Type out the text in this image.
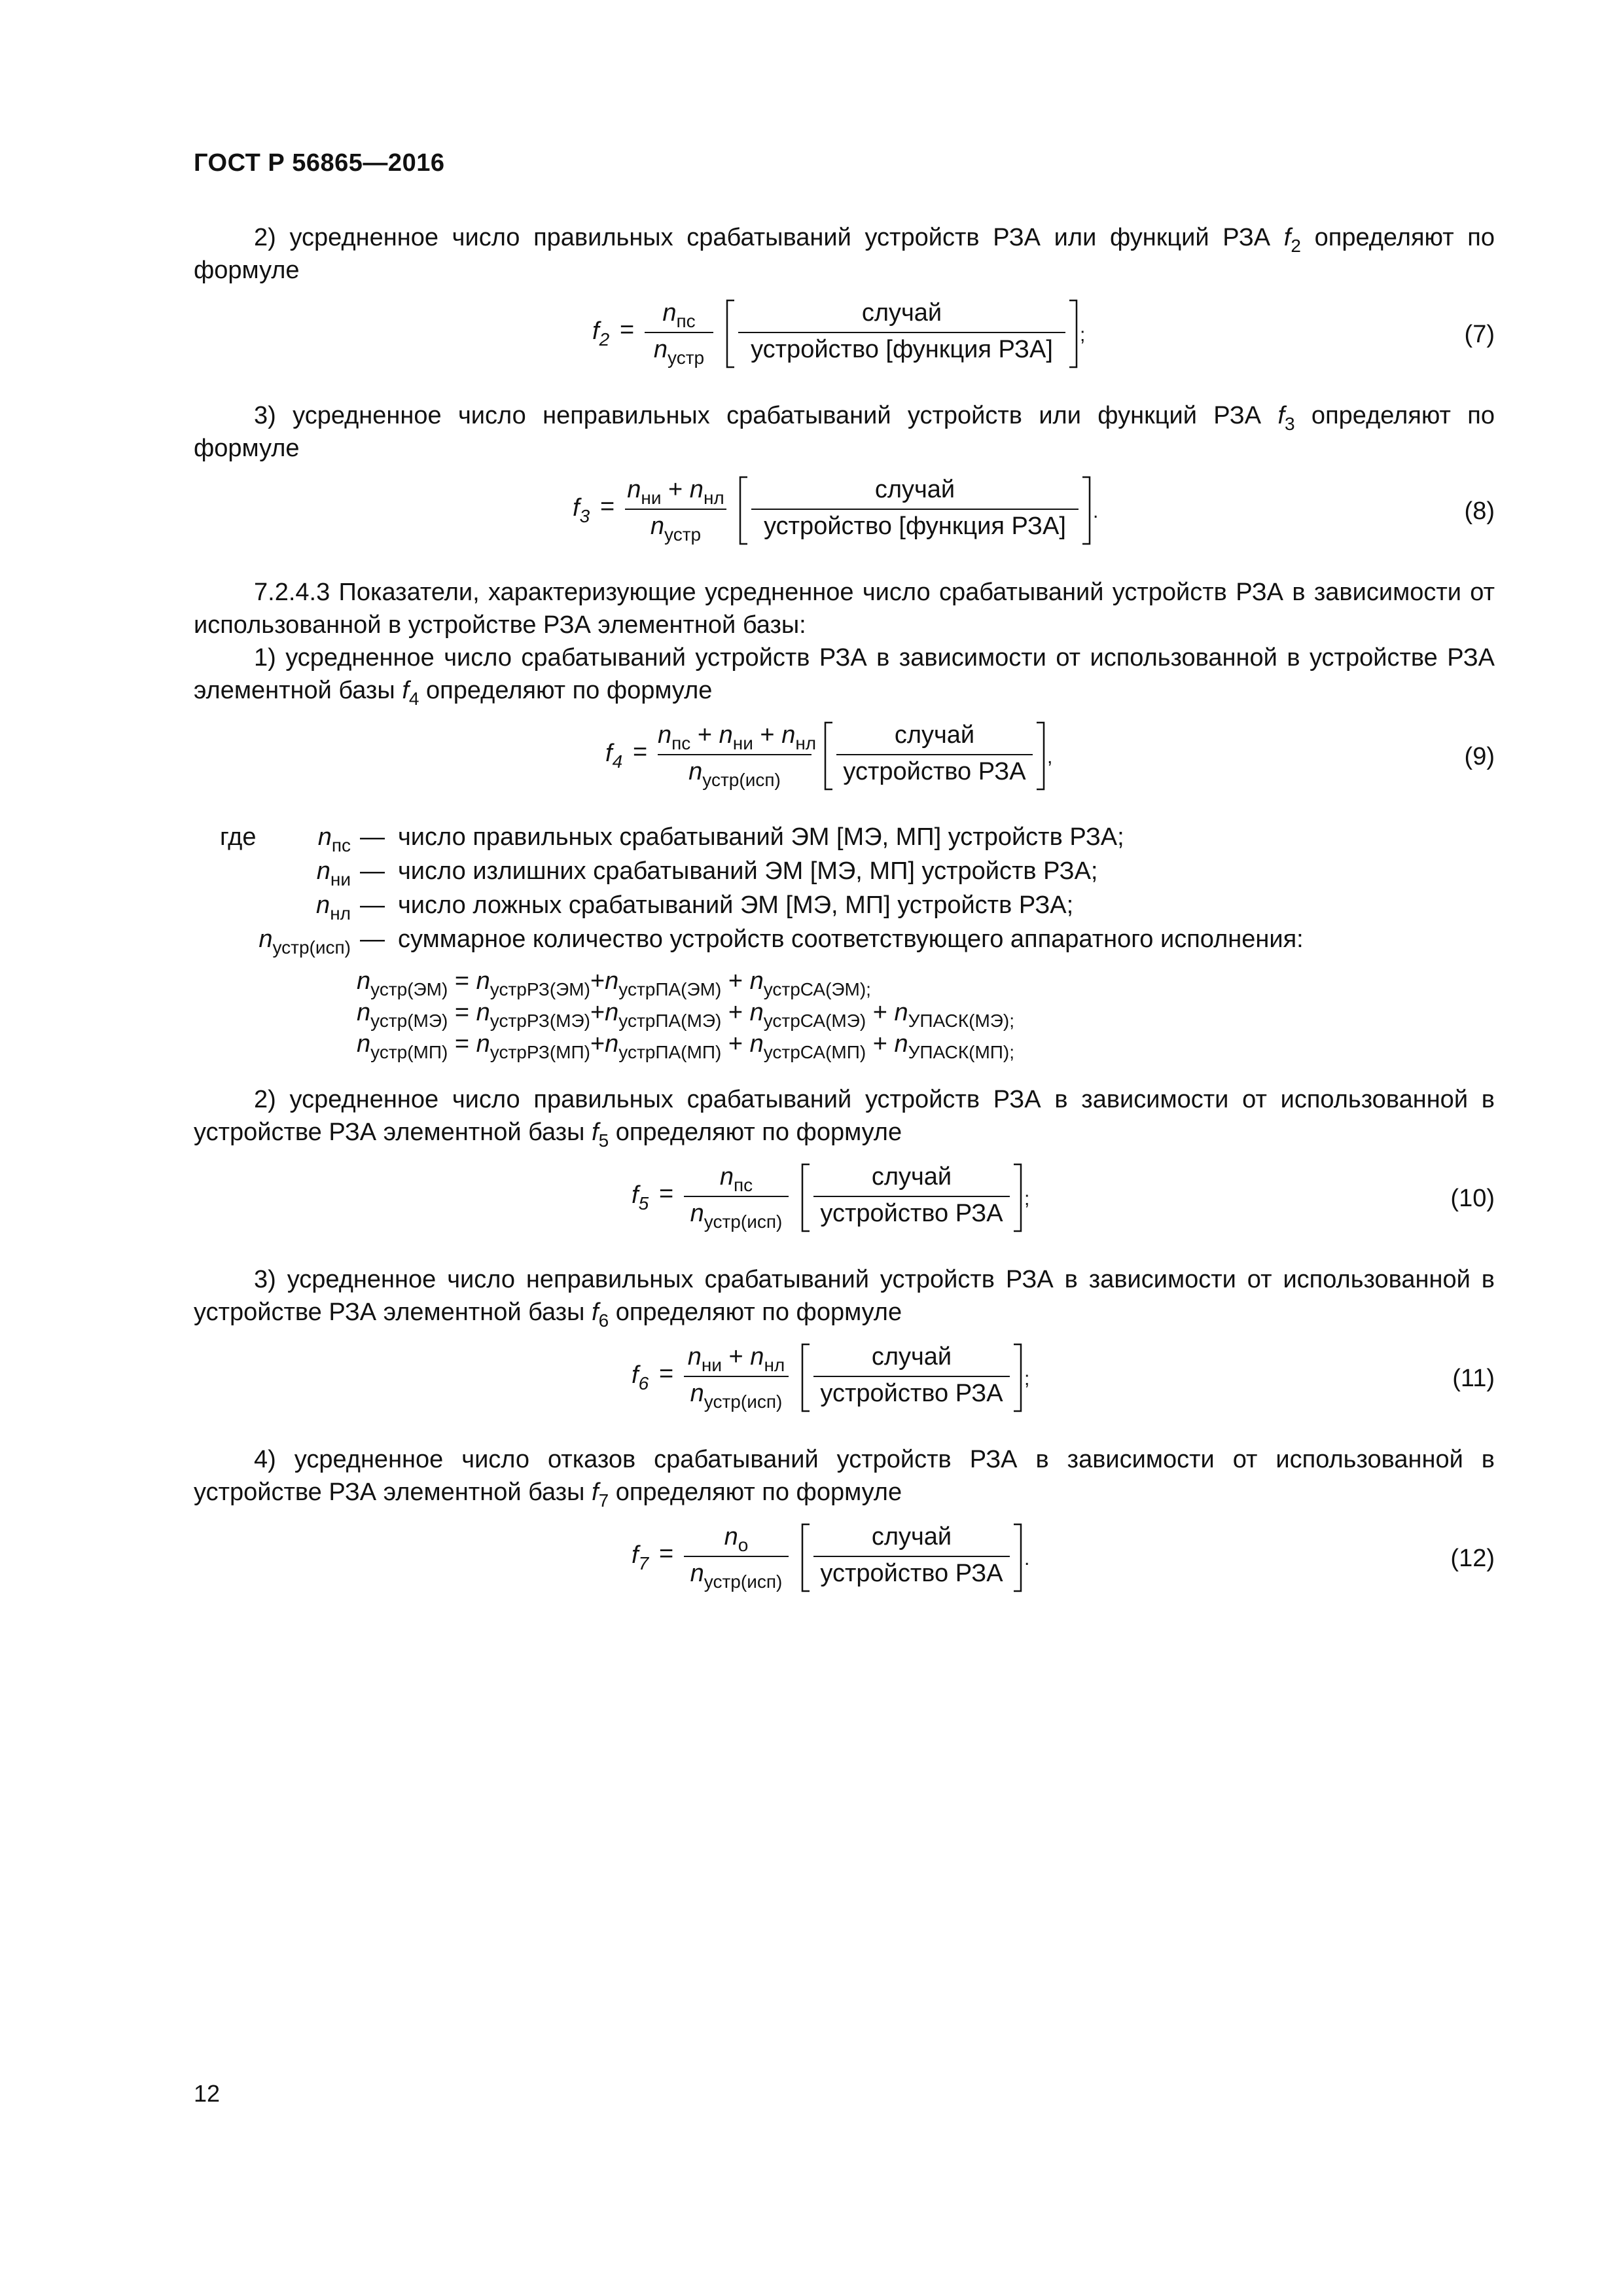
ГОСТ Р 56865—2016
2) усредненное число правильных срабатываний устройств РЗА или функций РЗА $f_2$ определяют по формуле
$f_2$ =
$n_{пс}$
$n_{устр}$
случай
устройство [функция РЗА]
;	(7)
3) усредненное число неправильных срабатываний устройств или функций РЗА $f_3$ определяют по формуле
$f_3$ =
$n_{ни} + n_{нл}$
$n_{устр}$
случай
устройство [функция РЗА]
.	(8)
7.2.4.3 Показатели, характеризующие усредненное число срабатываний устройств РЗА в зависимости от использованной в устройстве РЗА элементной базы:
1) усредненное число срабатываний устройств РЗА в зависимости от использованной в устройстве РЗА элементной базы $f_4$ определяют по формуле
$f_4$ =
$n_{пс} + n_{ни} + n_{нл}$
$n_{устр(исп)}$
случай
устройство РЗА
,	(9)
где	$n_{пс}$ — число правильных срабатываний ЭМ [МЭ, МП] устройств РЗА;
$n_{ни}$ — число излишних срабатываний ЭМ [МЭ, МП] устройств РЗА;
$n_{нл}$ — число ложных срабатываний ЭМ [МЭ, МП] устройств РЗА;
$n_{устр(исп)}$ — суммарное количество устройств соответствующего аппаратного исполнения:
$n_{устр(ЭМ)} = n_{устрРЗ(ЭМ)}+n_{устрПА(ЭМ)} + n_{устрСА(ЭМ);}$
$n_{устр(МЭ)} = n_{устрРЗ(МЭ)}+n_{устрПА(МЭ)} + n_{устрСА(МЭ)} + n_{УПАСК(МЭ);}$
$n_{устр(МП)} = n_{устрРЗ(МП)}+n_{устрПА(МП)} + n_{устрСА(МП)} + n_{УПАСК(МП);}$
2) усредненное число правильных срабатываний устройств РЗА в зависимости от использованной в устройстве РЗА элементной базы $f_5$ определяют по формуле
$f_5$ =
$n_{пс}$
$n_{устр(исп)}$
случай
устройство РЗА
;	(10)
3) усредненное число неправильных срабатываний устройств РЗА в зависимости от использованной в устройстве РЗА элементной базы $f_6$ определяют по формуле
$f_6$ =
$n_{ни} + n_{нл}$
$n_{устр(исп)}$
случай
устройство РЗА
;	(11)
4) усредненное число отказов срабатываний устройств РЗА в зависимости от использованной в устройстве РЗА элементной базы $f_7$ определяют по формуле
$f_7$ =
$n_о$
$n_{устр(исп)}$
случай
устройство РЗА
.	(12)
12
